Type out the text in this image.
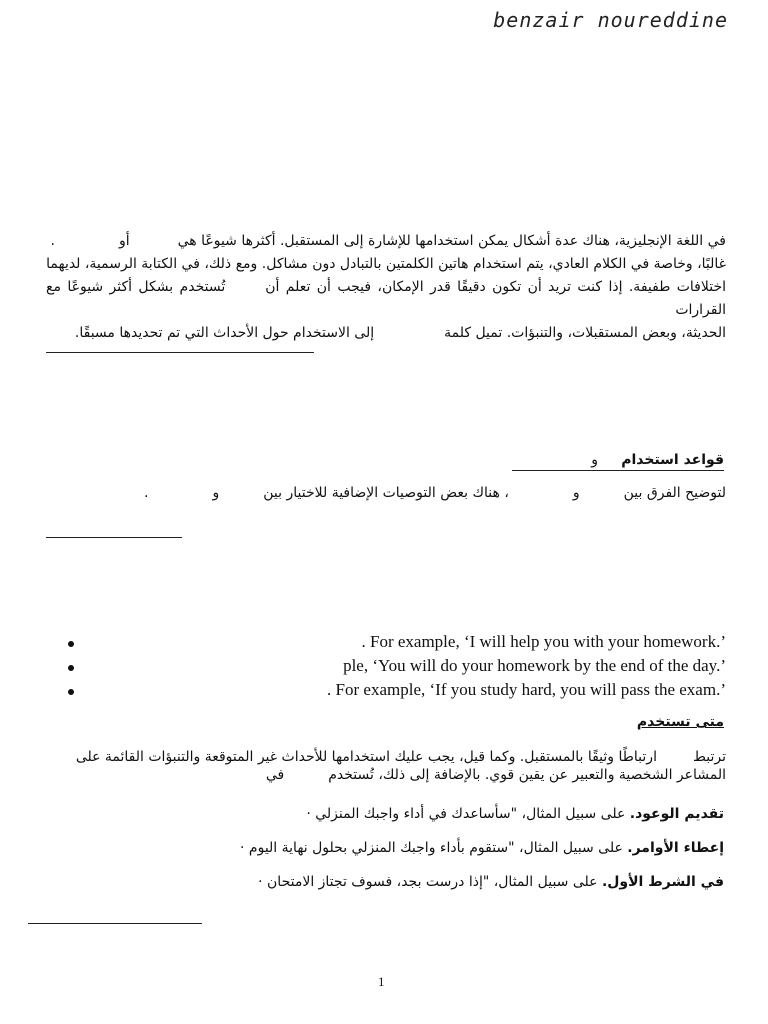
benzair noureddine
في اللغة الإنجليزية، هناك عدة أشكال يمكن استخدامها للإشارة إلى المستقبل. أكثرها شيوعًا هيأو.
غالبًا، وخاصة في الكلام العادي، يتم استخدام هاتين الكلمتين بالتبادل دون مشاكل. ومع ذلك، في الكتابة الرسمية، لديهما
اختلافات طفيفة. إذا كنت تريد أن تكون دقيقًا قدر الإمكان، فيجب أن تعلم أنتُستخدم بشكل أكثر شيوعًا مع القرارات
الحديثة، وبعض المستقبلات، والتنبؤات. تميل كلمةإلى الاستخدام حول الأحداث التي تم تحديدها مسبقًا.
قواعد استخدام
و
لتوضيح الفرق بينو، هناك بعض التوصيات الإضافية للاختيار بينو.
. For example, ‘I will help you with your homework.’
ple, ‘You will do your homework by the end of the day.’
. For example, ‘If you study hard, you will pass the exam.’
متى تستخدم
ترتبطارتباطًا وثيقًا بالمستقبل. وكما قيل، يجب عليك استخدامها للأحداث غير المتوقعة والتنبؤات القائمة على
المشاعر الشخصية والتعبير عن يقين قوي. بالإضافة إلى ذلك، تُستخدمفي
تقديم الوعود. على سبيل المثال، "سأساعدك في أداء واجبك المنزلي ·
إعطاء الأوامر. على سبيل المثال، "ستقوم بأداء واجبك المنزلي بحلول نهاية اليوم ·
في الشرط الأول. على سبيل المثال، "إذا درست بجد، فسوف تجتاز الامتحان ·
1
